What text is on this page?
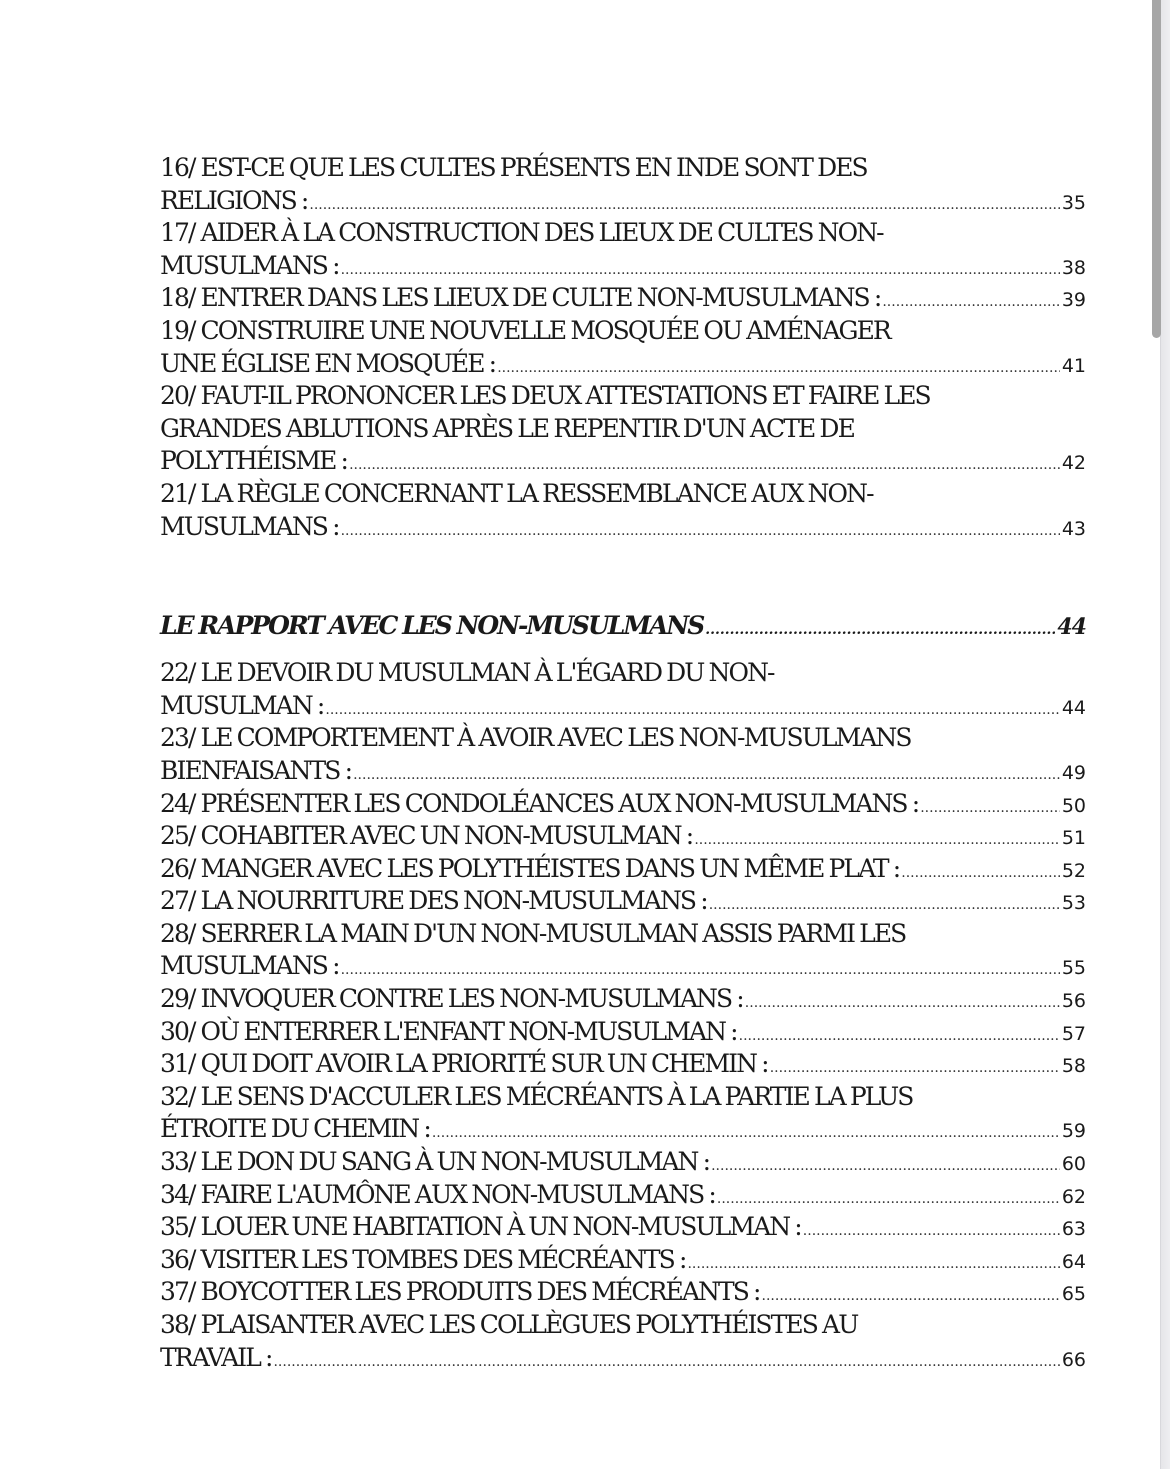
16/ EST-CE QUE LES CULTES PRÉSENTS EN INDE SONT DES
RELIGIONS : .....	35
17/ AIDER À LA CONSTRUCTION DES LIEUX DE CULTES NON-
MUSULMANS : .....	38
18/ ENTRER DANS LES LIEUX DE CULTE NON-MUSULMANS : .....	39
19/ CONSTRUIRE UNE NOUVELLE MOSQUÉE OU AMÉNAGER
UNE ÉGLISE EN MOSQUÉE : .....	41
20/ FAUT-IL PRONONCER LES DEUX ATTESTATIONS ET FAIRE LES
GRANDES ABLUTIONS APRÈS LE REPENTIR D'UN ACTE DE
POLYTHÉISME : .....	42
21/ LA RÈGLE CONCERNANT LA RESSEMBLANCE AUX NON-
MUSULMANS : .....	43
LE RAPPORT AVEC LES NON-MUSULMANS .....	44
22/ LE DEVOIR DU MUSULMAN À L'ÉGARD DU NON-
MUSULMAN : .....	44
23/ LE COMPORTEMENT À AVOIR AVEC LES NON-MUSULMANS
BIENFAISANTS : .....	49
24/ PRÉSENTER LES CONDOLÉANCES AUX NON-MUSULMANS : .....	50
25/ COHABITER AVEC UN NON-MUSULMAN : .....	51
26/ MANGER AVEC LES POLYTHÉISTES DANS UN MÊME PLAT : .....	52
27/ LA NOURRITURE DES NON-MUSULMANS : .....	53
28/ SERRER LA MAIN D'UN NON-MUSULMAN ASSIS PARMI LES
MUSULMANS : .....	55
29/ INVOQUER CONTRE LES NON-MUSULMANS : .....	56
30/ OÙ ENTERRER L'ENFANT NON-MUSULMAN : .....	57
31/ QUI DOIT AVOIR LA PRIORITÉ SUR UN CHEMIN : .....	58
32/ LE SENS D'ACCULER LES MÉCRÉANTS À LA PARTIE LA PLUS
ÉTROITE DU CHEMIN : .....	59
33/ LE DON DU SANG À UN NON-MUSULMAN : .....	60
34/ FAIRE L'AUMÔNE AUX NON-MUSULMANS : .....	62
35/ LOUER UNE HABITATION À UN NON-MUSULMAN : .....	63
36/ VISITER LES TOMBES DES MÉCRÉANTS : .....	64
37/ BOYCOTTER LES PRODUITS DES MÉCRÉANTS : .....	65
38/ PLAISANTER AVEC LES COLLÈGUES POLYTHÉISTES AU
TRAVAIL : .....	66
